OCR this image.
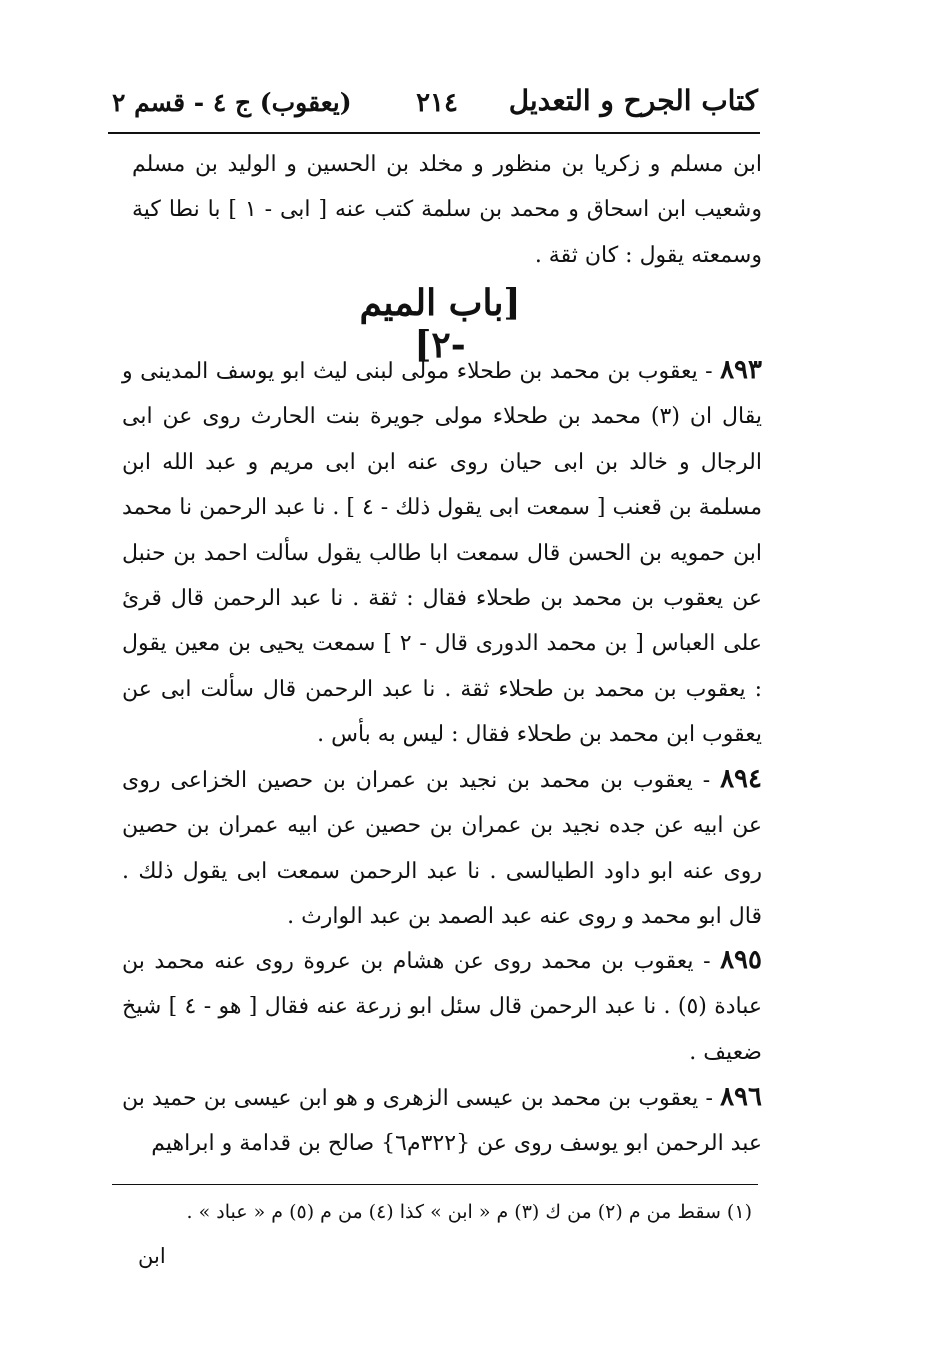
كتاب الجرح و التعديل
٢١٤
(يعقوب) ج ٤ - قسم ٢

ابن مسلم و زكريا بن منظور و مخلد بن الحسين و الوليد بن مسلم وشعيب ابن اسحاق و محمد بن سلمة كتب عنه [ ابى - ١ ] با نطا كية وسمعته يقول : كان ثقة .

[باب الميم -٢]
٨٩٣ - يعقوب بن محمد بن طحلاء مولى لبنى ليث ابو يوسف المدينى و يقال ان (٣) محمد بن طحلاء مولى جويرة بنت الحارث روى عن ابى الرجال و خالد بن ابى حيان روى عنه ابن ابى مريم و عبد الله ابن مسلمة بن قعنب [ سمعت ابى يقول ذلك - ٤ ] . نا عبد الرحمن نا محمد ابن حمويه بن الحسن قال سمعت ابا طالب يقول سألت احمد بن حنبل عن يعقوب بن محمد بن طحلاء فقال : ثقة . نا عبد الرحمن قال قرئ على العباس [ بن محمد الدورى قال - ٢ ] سمعت يحيى بن معين يقول : يعقوب بن محمد بن طحلاء ثقة . نا عبد الرحمن قال سألت ابى عن يعقوب ابن محمد بن طحلاء فقال : ليس به بأس .
٨٩٤ - يعقوب بن محمد بن نجيد بن عمران بن حصين الخزاعى روى عن ابيه عن جده نجيد بن عمران بن حصين عن ابيه عمران بن حصين روى عنه ابو داود الطيالسى . نا عبد الرحمن سمعت ابى يقول ذلك . قال ابو محمد و روى عنه عبد الصمد بن عبد الوارث .
٨٩٥ - يعقوب بن محمد روى عن هشام بن عروة روى عنه محمد بن عبادة (٥) . نا عبد الرحمن قال سئل ابو زرعة عنه فقال [ هو - ٤ ] شيخ ضعيف .
٨٩٦ - يعقوب بن محمد بن عيسى الزهرى و هو ابن عيسى بن حميد بن عبد الرحمن ابو يوسف روى عن {٣٢٢م٦} صالح بن قدامة و ابراهيم
(١) سقط من م (٢) من ك (٣) م « ابن » كذا (٤) من م (٥) م « عباد » .
ابن
